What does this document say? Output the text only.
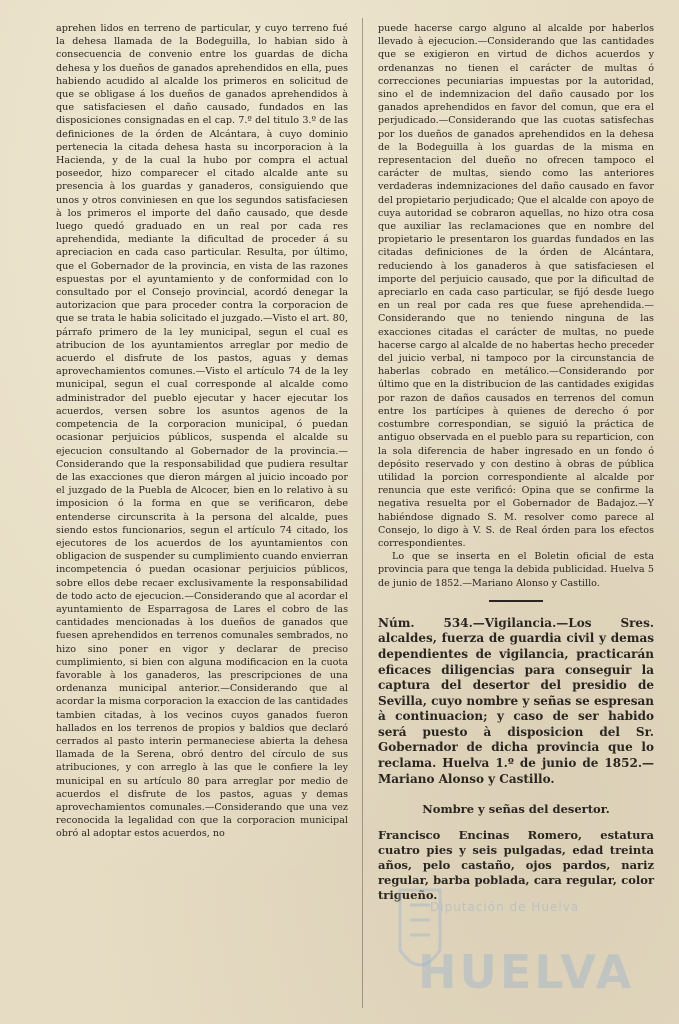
aprehen lidos en terreno de particular, y cuyo terreno fué la dehesa llamada de la Bodeguilla, lo habian sido à consecuencia de convenio entre los guardas de dicha dehesa y los dueños de ganados aprehendidos en ella, pues habiendo acudido al alcalde los primeros en solicitud de que se obligase á los dueños de ganados aprehendidos à que satisfaciesen el daño causado, fundados en las disposiciones consignadas en el cap. 7.º del titulo 3.º de las definiciones de la órden de Alcántara, à cuyo dominio pertenecia la citada dehesa hasta su incorporacion à la Hacienda, y de la cual la hubo por compra el actual poseedor, hizo comparecer el citado alcalde ante su presencia à los guardas y ganaderos, consiguiendo que unos y otros conviniesen en que los segundos satisfaciesen à los primeros el importe del daño causado, que desde luego quedó graduado en un real por cada res aprehendida, mediante la dificultad de proceder á su apreciacion en cada caso particular. Resulta, por último, que el Gobernador de la provincia, en vista de las razones espuestas por el ayuntamiento y de conformidad con lo consultado por el Consejo provincial, acordó denegar la autorizacion que para proceder contra la corporacion de que se trata le habia solicitado el juzgado.—Visto el art. 80, párrafo primero de la ley municipal, segun el cual es atribucion de los ayuntamientos arreglar por medio de acuerdo el disfrute de los pastos, aguas y demas aprovechamientos comunes.—Visto el artículo 74 de la ley municipal, segun el cual corresponde al alcalde como administrador del pueblo ejecutar y hacer ejecutar los acuerdos, versen sobre los asuntos agenos de la competencia de la corporacion municipal, ó puedan ocasionar perjuicios públicos, suspenda el alcalde su ejecucion consultando al Gobernador de la provincia.—Considerando que la responsabilidad que pudiera resultar de las exacciones que dieron márgen al juicio incoado por el juzgado de la Puebla de Alcocer, bien en lo relativo à su imposicion ó la forma en que se verificaron, debe entenderse circunscrita à la persona del alcalde, pues siendo estos funcionarios, segun el artículo 74 citado, los ejecutores de los acuerdos de los ayuntamientos con obligacion de suspender su cumplimiento cuando envierran incompetencia ó puedan ocasionar perjuicios públicos, sobre ellos debe recaer exclusivamente la responsabilidad de todo acto de ejecucion.—Considerando que al acordar el ayuntamiento de Esparragosa de Lares el cobro de las cantidades mencionadas à los dueños de ganados que fuesen aprehendidos en terrenos comunales sembrados, no hizo sino poner en vigor y declarar de preciso cumplimiento, si bien con alguna modificacion en la cuota favorable à los ganaderos, las prescripciones de una ordenanza municipal anterior.—Considerando que al acordar la misma corporacion la exaccion de las cantidades tambien citadas, à los vecinos cuyos ganados fueron hallados en los terrenos de propios y baldios que declaró cerrados al pasto interin permaneciese abierta la dehesa llamada de la Serena, obró dentro del círculo de sus atribuciones, y con arreglo à las que le confiere la ley municipal en su artículo 80 para arreglar por medio de acuerdos el disfrute de los pastos, aguas y demas aprovechamientos comunales.—Considerando que una vez reconocida la legalidad con que la corporacion municipal obró al adoptar estos acuerdos, no

puede hacerse cargo alguno al alcalde por haberlos llevado à ejecucion.—Considerando que las cantidades que se exigieron en virtud de dichos acuerdos y ordenanzas no tienen el carácter de multas ó correcciones pecuniarias impuestas por la autoridad, sino el de indemnizacion del daño causado por los ganados aprehendidos en favor del comun, que era el perjudicado.—Considerando que las cuotas satisfechas por los dueños de ganados aprehendidos en la dehesa de la Bodeguilla à los guardas de la misma en representacion del dueño no ofrecen tampoco el carácter de multas, siendo como las anteriores verdaderas indemnizaciones del daño causado en favor del propietario perjudicado; Que el alcalde con apoyo de cuya autoridad se cobraron aquellas, no hizo otra cosa que auxiliar las reclamaciones que en nombre del propietario le presentaron los guardas fundados en las citadas definiciones de la órden de Alcántara, reduciendo à los ganaderos à que satisfaciesen el importe del perjuicio causado, que por la dificultad de apreciarlo en cada caso particular, se fijó desde luego en un real por cada res que fuese aprehendida.—Considerando que no teniendo ninguna de las exacciones citadas el carácter de multas, no puede hacerse cargo al alcalde de no habertas hecho preceder del juicio verbal, ni tampoco por la circunstancia de haberlas cobrado en metálico.—Considerando por último que en la distribucion de las cantidades exigidas por razon de daños causados en terrenos del comun entre los partícipes à quienes de derecho ó por costumbre correspondian, se siguió la práctica de antiguo observada en el pueblo para su reparticion, con la sola diferencia de haber ingresado en un fondo ó depósito reservado y con destino à obras de pública utilidad la porcion correspondiente al alcalde por renuncia que este verificó: Opina que se confirme la negativa resuelta por el Gobernador de Badajoz.—Y habiéndose dignado S. M. resolver como parece al Consejo, lo digo à V. S. de Real órden para los efectos correspondientes.

Lo que se inserta en el Boletin oficial de esta provincia para que tenga la debida publicidad. Huelva 5 de junio de 1852.—Mariano Alonso y Castillo.

Núm. 534.—Vigilancia.—Los Sres. alcaldes, fuerza de guardia civil y demas dependientes de vigilancia, practicarán eficaces diligencias para conseguir la captura del desertor del presidio de Sevilla, cuyo nombre y señas se espresan à continuacion; y caso de ser habido será puesto à disposicion del Sr. Gobernador de dicha provincia que lo reclama. Huelva 1.º de junio de 1852.—Mariano Alonso y Castillo.

Nombre y señas del desertor.

Francisco Encinas Romero, estatura cuatro pies y seis pulgadas, edad treinta años, pelo castaño, ojos pardos, nariz regular, barba poblada, cara regular, color trigueño.

Diputación de Huelva
HUELVA
